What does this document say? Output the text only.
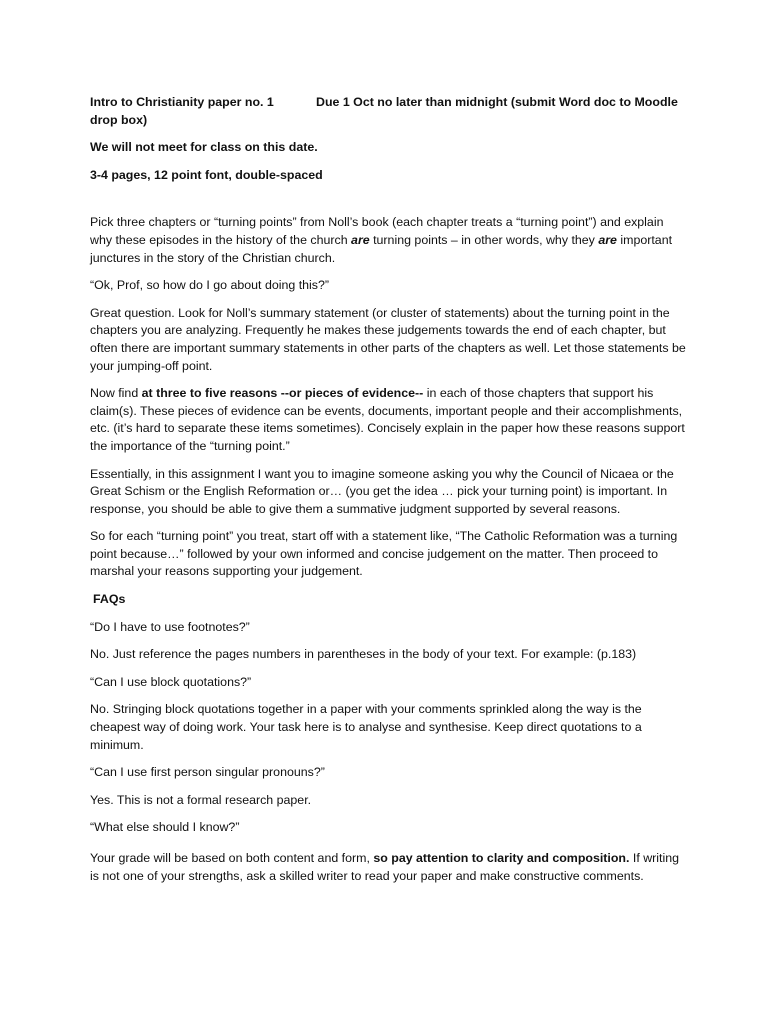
Intro to Christianity paper no. 1	Due 1 Oct no later than midnight (submit Word doc to Moodle
drop box)

We will not meet for class on this date.

3-4 pages, 12 point font, double-spaced

Pick three chapters or “turning points” from Noll’s book (each chapter treats a “turning point”) and explain why these episodes in the history of the church are turning points – in other words, why they are important junctures in the story of the Christian church.

“Ok, Prof, so how do I go about doing this?”

Great question. Look for Noll’s summary statement (or cluster of statements) about the turning point in the chapters you are analyzing. Frequently he makes these judgements towards the end of each chapter, but often there are important summary statements in other parts of the chapters as well. Let those statements be your jumping-off point.

Now find at three to five reasons --or pieces of evidence-- in each of those chapters that support his claim(s). These pieces of evidence can be events, documents, important people and their accomplishments, etc. (it’s hard to separate these items sometimes). Concisely explain in the paper how these reasons support the importance of the “turning point.”

Essentially, in this assignment I want you to imagine someone asking you why the Council of Nicaea or the Great Schism or the English Reformation or… (you get the idea … pick your turning point) is important. In response, you should be able to give them a summative judgment supported by several reasons.

So for each “turning point” you treat, start off with a statement like, “The Catholic Reformation was a turning point because…” followed by your own informed and concise judgement on the matter. Then proceed to marshal your reasons supporting your judgement.

FAQs

“Do I have to use footnotes?”

No. Just reference the pages numbers in parentheses in the body of your text. For example: (p.183)

“Can I use block quotations?”

No. Stringing block quotations together in a paper with your comments sprinkled along the way is the cheapest way of doing work. Your task here is to analyse and synthesise. Keep direct quotations to a minimum.

“Can I use first person singular pronouns?”

Yes. This is not a formal research paper.

“What else should I know?”

Your grade will be based on both content and form, so pay attention to clarity and composition. If writing is not one of your strengths, ask a skilled writer to read your paper and make constructive comments.
